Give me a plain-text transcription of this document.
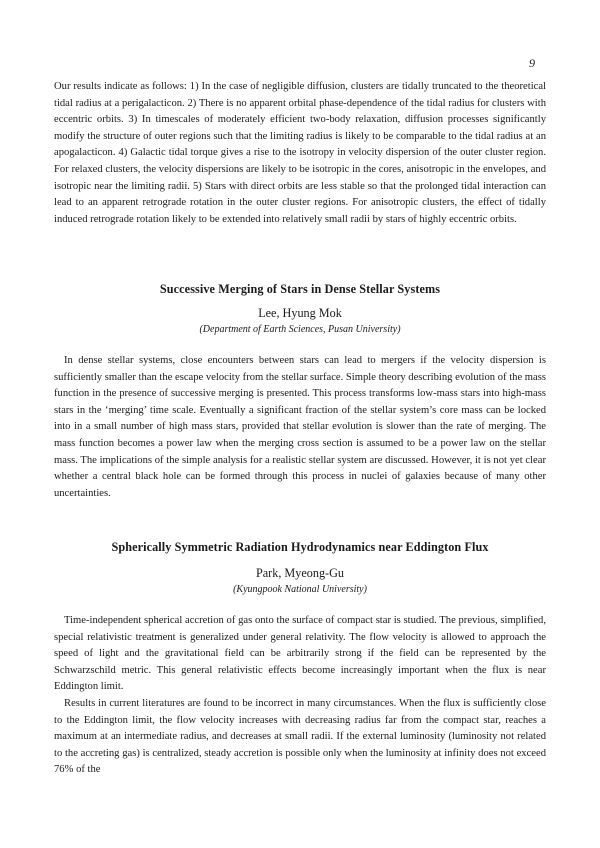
9

Our results indicate as follows: 1) In the case of negligible diffusion, clusters are tidally truncated to the theoretical tidal radius at a perigalacticon. 2) There is no apparent orbital phase-dependence of the tidal radius for clusters with eccentric orbits. 3) In timescales of moderately efficient two-body relaxation, diffusion processes significantly modify the structure of outer regions such that the limiting radius is likely to be comparable to the tidal radius at an apogalacticon. 4) Galactic tidal torque gives a rise to the isotropy in velocity dispersion of the outer cluster region. For relaxed clusters, the velocity dispersions are likely to be isotropic in the cores, anisotropic in the envelopes, and isotropic near the limiting radii. 5) Stars with direct orbits are less stable so that the prolonged tidal interaction can lead to an apparent retrograde rotation in the outer cluster regions. For anisotropic clusters, the effect of tidally induced retrograde rotation likely to be extended into relatively small radii by stars of highly eccentric orbits.

Successive Merging of Stars in Dense Stellar Systems
Lee, Hyung Mok
(Department of Earth Sciences, Pusan University)

In dense stellar systems, close encounters between stars can lead to mergers if the velocity dispersion is sufficiently smaller than the escape velocity from the stellar surface. Simple theory describing evolution of the mass function in the presence of successive merging is presented. This process transforms low-mass stars into high-mass stars in the ‘merging’ time scale. Eventually a significant fraction of the stellar system’s core mass can be locked into in a small number of high mass stars, provided that stellar evolution is slower than the rate of merging. The mass function becomes a power law when the merging cross section is assumed to be a power law on the stellar mass. The implications of the simple analysis for a realistic stellar system are discussed. However, it is not yet clear whether a central black hole can be formed through this process in nuclei of galaxies because of many other uncertainties.

Spherically Symmetric Radiation Hydrodynamics near Eddington Flux
Park, Myeong-Gu
(Kyungpook National University)

Time-independent spherical accretion of gas onto the surface of compact star is studied. The previous, simplified, special relativistic treatment is generalized under general relativity. The flow velocity is allowed to approach the speed of light and the gravitational field can be arbitrarily strong if the field can be represented by the Schwarzschild metric. This general relativistic effects become increasingly important when the flux is near Eddington limit.

Results in current literatures are found to be incorrect in many circumstances. When the flux is sufficiently close to the Eddington limit, the flow velocity increases with decreasing radius far from the compact star, reaches a maximum at an intermediate radius, and decreases at small radii. If the external luminosity (luminosity not related to the accreting gas) is centralized, steady accretion is possible only when the luminosity at infinity does not exceed 76% of the
